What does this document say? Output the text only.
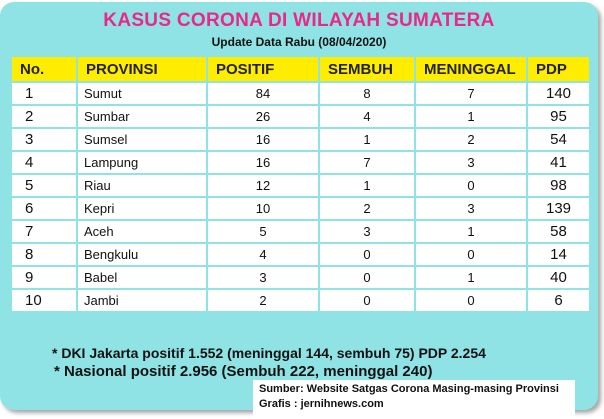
KASUS CORONA DI WILAYAH SUMATERA
Update Data Rabu (08/04/2020)
No.	PROVINSI	POSITIF	SEMBUH	MENINGGAL	PDP
1	Sumut	84	8	7	140
2	Sumbar	26	4	1	95
3	Sumsel	16	1	2	54
4	Lampung	16	7	3	41
5	Riau	12	1	0	98
6	Kepri	10	2	3	139
7	Aceh	5	3	1	58
8	Bengkulu	4	0	0	14
9	Babel	3	0	1	40
10	Jambi	2	0	0	6
* DKI Jakarta positif 1.552 (meninggal 144, sembuh 75) PDP 2.254
* Nasional positif 2.956 (Sembuh 222, meninggal 240)
Sumber: Website Satgas Corona Masing-masing Provinsi
Grafis : jernihnews.com
